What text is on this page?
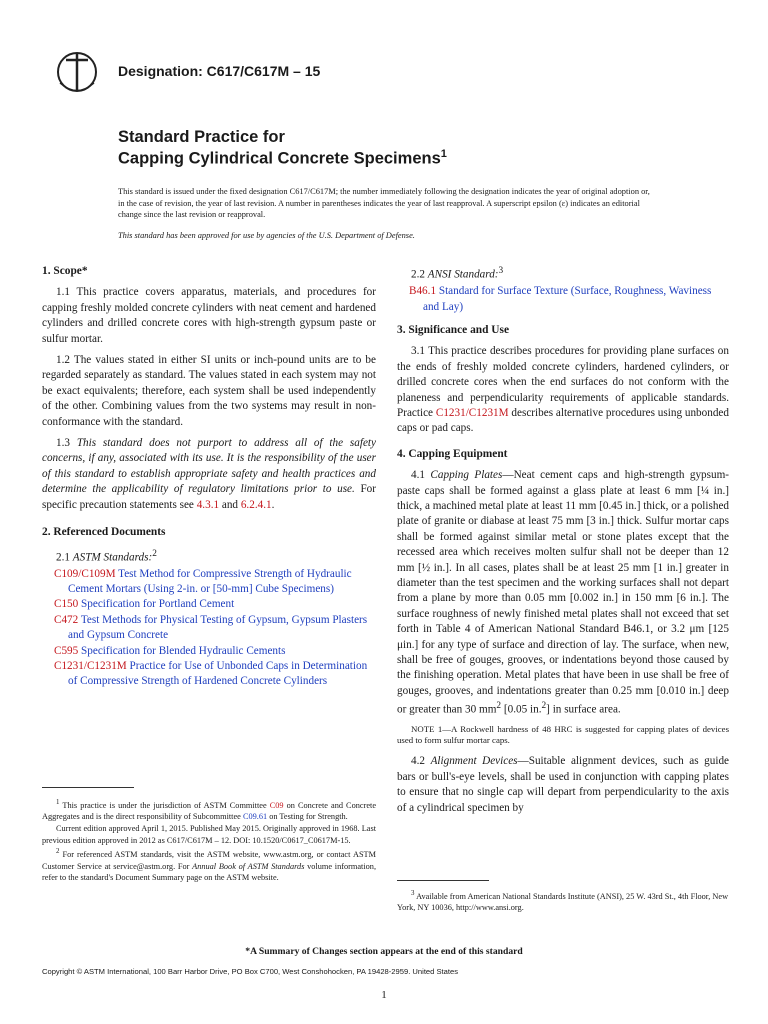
Designation: C617/C617M – 15
Standard Practice for
Capping Cylindrical Concrete Specimens$^1$
This standard is issued under the fixed designation C617/C617M; the number immediately following the designation indicates the year of original adoption or, in the case of revision, the year of last revision. A number in parentheses indicates the year of last reapproval. A superscript epsilon (ε) indicates an editorial change since the last revision or reapproval.
This standard has been approved for use by agencies of the U.S. Department of Defense.
1. Scope*

1.1 This practice covers apparatus, materials, and procedures for capping freshly molded concrete cylinders with neat cement and hardened cylinders and drilled concrete cores with high-strength gypsum paste or sulfur mortar.

1.2 The values stated in either SI units or inch-pound units are to be regarded separately as standard. The values stated in each system may not be exact equivalents; therefore, each system shall be used independently of the other. Combining values from the two systems may result in non-conformance with the standard.

1.3 This standard does not purport to address all of the safety concerns, if any, associated with its use. It is the responsibility of the user of this standard to establish appropriate safety and health practices and determine the applicability of regulatory limitations prior to use. For specific precaution statements see 4.3.1 and 6.2.4.1.

2. Referenced Documents

2.1 ASTM Standards:$^2$

C109/C109M Test Method for Compressive Strength of Hydraulic Cement Mortars (Using 2-in. or [50-mm] Cube Specimens)

C150 Specification for Portland Cement

C472 Test Methods for Physical Testing of Gypsum, Gypsum Plasters and Gypsum Concrete

C595 Specification for Blended Hydraulic Cements

C1231/C1231M Practice for Use of Unbonded Caps in Determination of Compressive Strength of Hardened Concrete Cylinders

$^1$ This practice is under the jurisdiction of ASTM Committee C09 on Concrete and Concrete Aggregates and is the direct responsibility of Subcommittee C09.61 on Testing for Strength.

Current edition approved April 1, 2015. Published May 2015. Originally approved in 1968. Last previous edition approved in 2012 as C617/C617M – 12. DOI: 10.1520/C0617_C0617M-15.

$^2$ For referenced ASTM standards, visit the ASTM website, www.astm.org, or contact ASTM Customer Service at service@astm.org. For Annual Book of ASTM Standards volume information, refer to the standard's Document Summary page on the ASTM website.

2.2 ANSI Standard:$^3$

B46.1 Standard for Surface Texture (Surface, Roughness, Waviness and Lay)

3. Significance and Use

3.1 This practice describes procedures for providing plane surfaces on the ends of freshly molded concrete cylinders, hardened cylinders, or drilled concrete cores when the end surfaces do not conform with the planeness and perpendicularity requirements of applicable standards. Practice C1231/C1231M describes alternative procedures using unbonded caps or pad caps.

4. Capping Equipment

4.1 Capping Plates—Neat cement caps and high-strength gypsum-paste caps shall be formed against a glass plate at least 6 mm [¼ in.] thick, a machined metal plate at least 11 mm [0.45 in.] thick, or a polished plate of granite or diabase at least 75 mm [3 in.] thick. Sulfur mortar caps shall be formed against similar metal or stone plates except that the recessed area which receives molten sulfur shall not be deeper than 12 mm [½ in.]. In all cases, plates shall be at least 25 mm [1 in.] greater in diameter than the test specimen and the working surfaces shall not depart from a plane by more than 0.05 mm [0.002 in.] in 150 mm [6 in.]. The surface roughness of newly finished metal plates shall not exceed that set forth in Table 4 of American National Standard B46.1, or 3.2 μm [125 μin.] for any type of surface and direction of lay. The surface, when new, shall be free of gouges, grooves, or indentations beyond those caused by the finishing operation. Metal plates that have been in use shall be free of gouges, grooves, and indentations greater than 0.25 mm [0.010 in.] deep or greater than 30 $mm^2$ [0.05 in.$^2$] in surface area.

NOTE 1—A Rockwell hardness of 48 HRC is suggested for capping plates of devices used to form sulfur mortar caps.

4.2 Alignment Devices—Suitable alignment devices, such as guide bars or bull's-eye levels, shall be used in conjunction with capping plates to ensure that no single cap will depart from perpendicularity to the axis of a cylindrical specimen by

$^3$ Available from American National Standards Institute (ANSI), 25 W. 43rd St., 4th Floor, New York, NY 10036, http://www.ansi.org.

*A Summary of Changes section appears at the end of this standard
Copyright © ASTM International, 100 Barr Harbor Drive, PO Box C700, West Conshohocken, PA 19428-2959. United States
1
